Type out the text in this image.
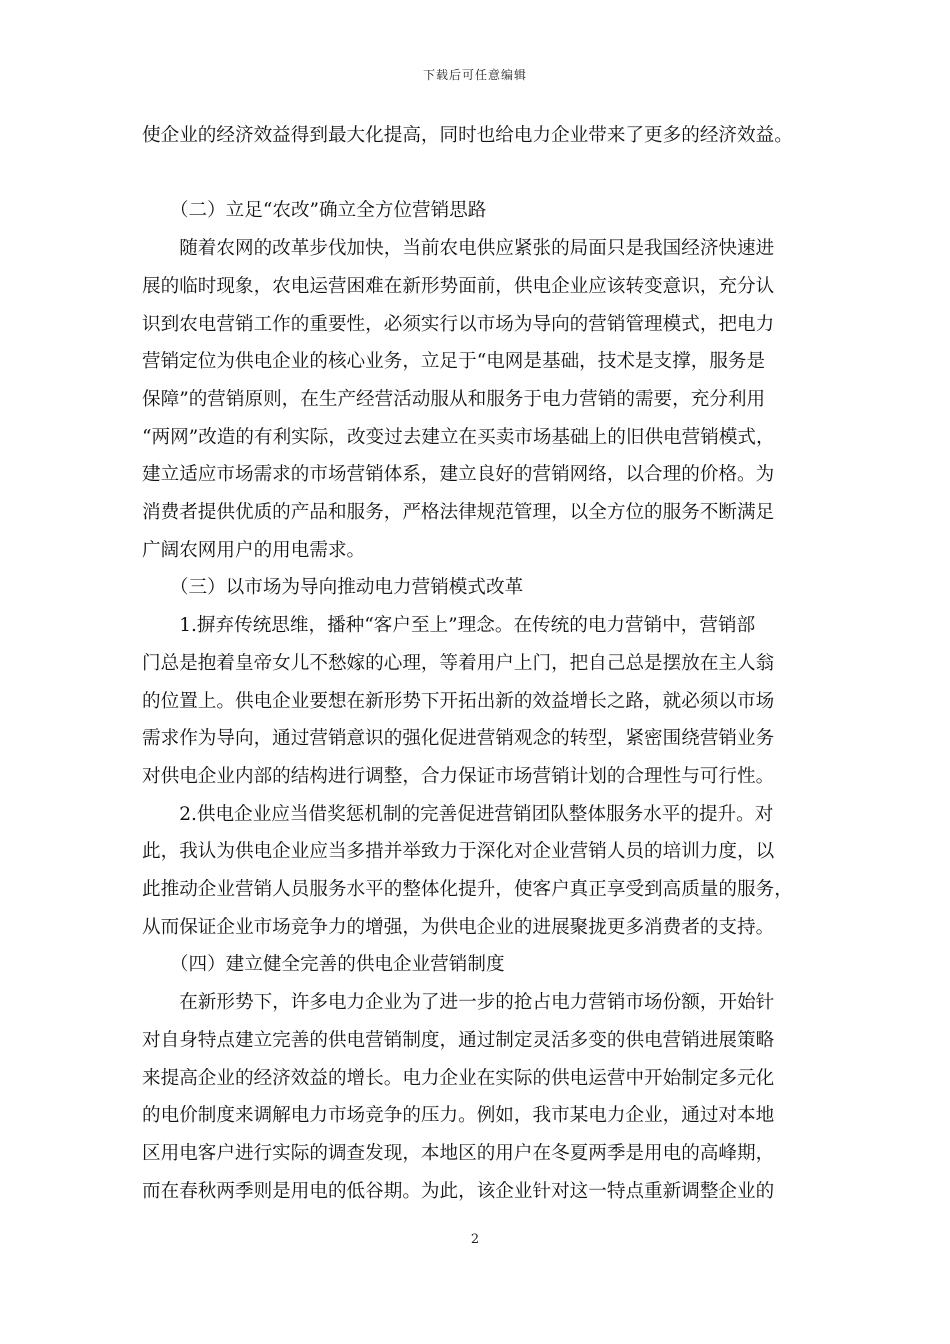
下载后可任意编辑

使企业的经济效益得到最大化提高，同时也给电力企业带来了更多的经济效益。

　　（二）立足“农改”确立全方位营销思路

　　随着农网的改革步伐加快，当前农电供应紧张的局面只是我国经济快速进

展的临时现象，农电运营困难在新形势面前，供电企业应该转变意识，充分认

识到农电营销工作的重要性，必须实行以市场为导向的营销管理模式，把电力

营销定位为供电企业的核心业务，立足于“电网是基础，技术是支撑，服务是

保障”的营销原则，在生产经营活动服从和服务于电力营销的需要，充分利用

“两网”改造的有利实际，改变过去建立在买卖市场基础上的旧供电营销模式，

建立适应市场需求的市场营销体系，建立良好的营销网络，以合理的价格。为

消费者提供优质的产品和服务，严格法律规范管理，以全方位的服务不断满足

广阔农网用户的用电需求。

　　（三）以市场为导向推动电力营销模式改革

　　1.摒弃传统思维，播种“客户至上”理念。在传统的电力营销中，营销部

门总是抱着皇帝女儿不愁嫁的心理，等着用户上门，把自己总是摆放在主人翁

的位置上。供电企业要想在新形势下开拓出新的效益增长之路，就必须以市场

需求作为导向，通过营销意识的强化促进营销观念的转型，紧密围绕营销业务

对供电企业内部的结构进行调整，合力保证市场营销计划的合理性与可行性。

　　2.供电企业应当借奖惩机制的完善促进营销团队整体服务水平的提升。对

此，我认为供电企业应当多措并举致力于深化对企业营销人员的培训力度，以

此推动企业营销人员服务水平的整体化提升，使客户真正享受到高质量的服务，

从而保证企业市场竞争力的增强，为供电企业的进展聚拢更多消费者的支持。

　　（四）建立健全完善的供电企业营销制度

　　在新形势下，许多电力企业为了进一步的抢占电力营销市场份额，开始针

对自身特点建立完善的供电营销制度，通过制定灵活多变的供电营销进展策略

来提高企业的经济效益的增长。电力企业在实际的供电运营中开始制定多元化

的电价制度来调解电力市场竞争的压力。例如，我市某电力企业，通过对本地

区用电客户进行实际的调查发现，本地区的用户在冬夏两季是用电的高峰期，

而在春秋两季则是用电的低谷期。为此，该企业针对这一特点重新调整企业的

2
